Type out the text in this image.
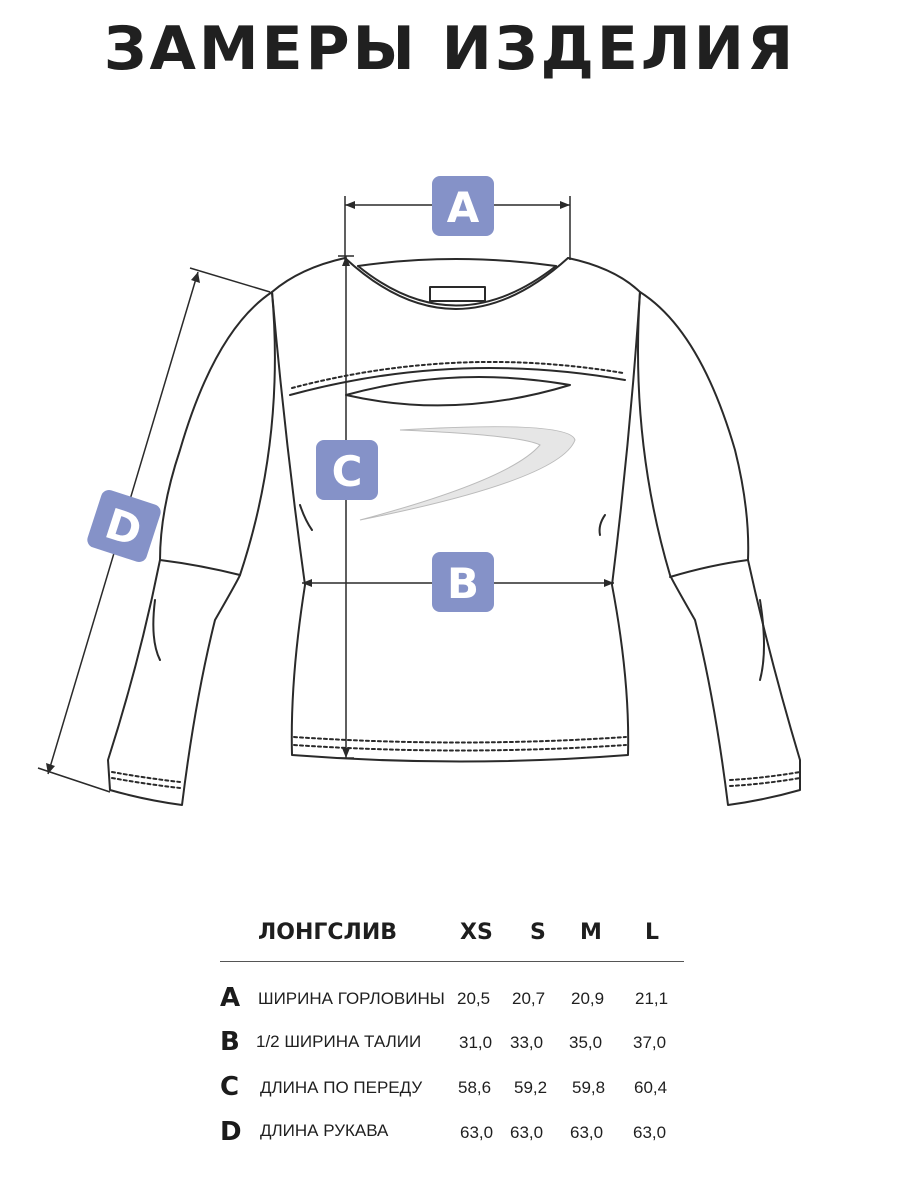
ЗАМЕРЫ ИЗДЕЛИЯ
A
B
C
D
ЛОНГСЛИВ	XS S M L
A ШИРИНА ГОРЛОВИНЫ 20,5 20,7 20,9 21,1
B 1/2 ШИРИНА ТАЛИИ 31,0 33,0 35,0 37,0
C ДЛИНА ПО ПЕРЕДУ 58,6 59,2 59,8 60,4
D ДЛИНА РУКАВА	63,0 63,0 63,0 63,0
